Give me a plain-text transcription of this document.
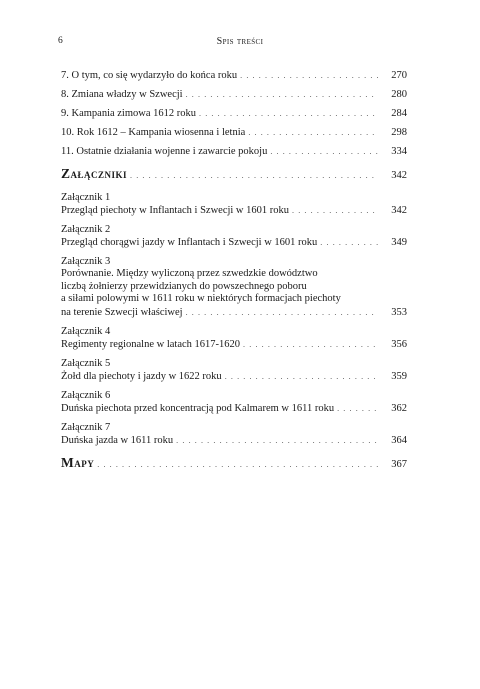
6	Spis treści
7. O tym, co się wydarzyło do końca roku . . .	270
8. Zmiana władzy w Szwecji . . .	280
9. Kampania zimowa 1612 roku . . .	284
10. Rok 1612 – Kampania wiosenna i letnia . . .	298
11. Ostatnie działania wojenne i zawarcie pokoju . . .	334
Załączniki . . .	342
Załącznik 1
Przegląd piechoty w Inflantach i Szwecji w 1601 roku . . .	342
Załącznik 2
Przegląd chorągwi jazdy w Inflantach i Szwecji w 1601 roku . . .	349
Załącznik 3
Porównanie. Między wyliczoną przez szwedzkie dowództwo
liczbą żołnierzy przewidzianych do powszechnego poboru
a siłami polowymi w 1611 roku w niektórych formacjach piechoty
na terenie Szwecji właściwej . . .	353
Załącznik 4
Regimenty regionalne w latach 1617-1620 . . .	356
Załącznik 5
Żołd dla piechoty i jazdy w 1622 roku . . .	359
Załącznik 6
Duńska piechota przed koncentracją pod Kalmarem w 1611 roku . . .	362
Załącznik 7
Duńska jazda w 1611 roku . . .	364
Mapy . . .	367
